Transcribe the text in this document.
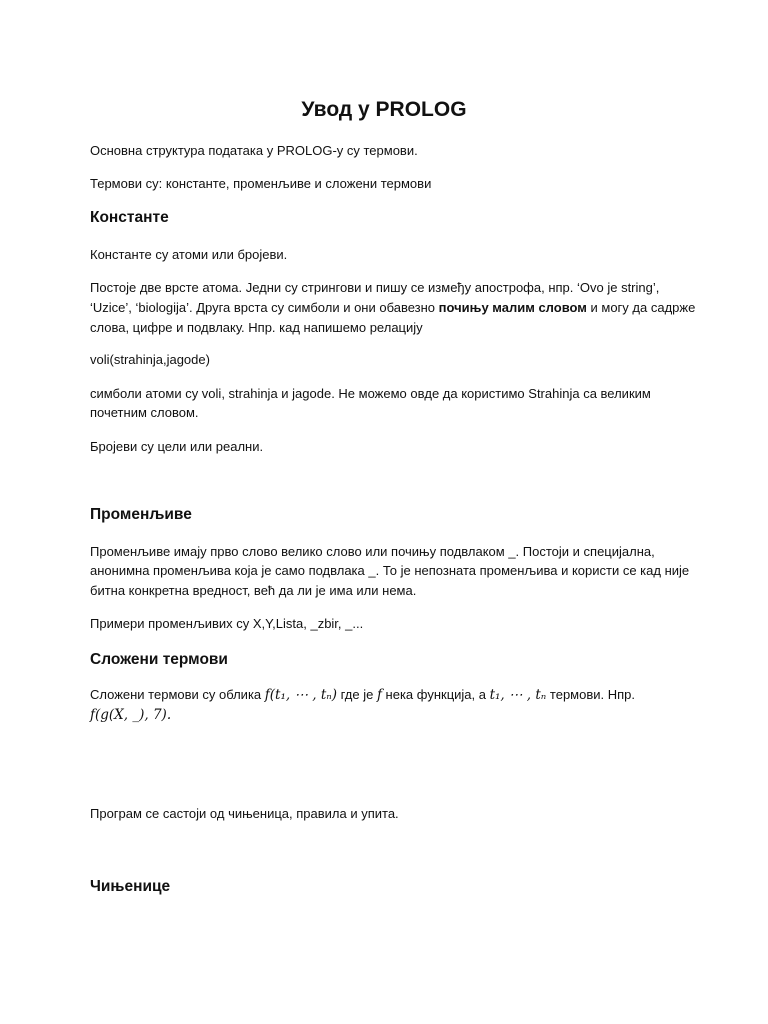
Увод у PROLOG
Основна структура података у PROLOG-у су термови.
Термови су: константе, променљиве и сложени термови
Константе
Константе су атоми или бројеви.
Постоје две врсте атома. Једни су стрингови и пишу се између апострофа, нпр. ‘Ovo je string’,
‘Uzice’, ‘biologija’. Друга врста су симболи и они обавезно почињу малим словом и могу да садрже
слова, цифре и подвлаку. Нпр. кад напишемо релацију
voli(strahinja,jagode)
симболи атоми су voli, strahinja и jagode. Не можемо овде да користимо Strahinja са великим
почетним словом.
Бројеви су цели или реални.
Променљиве
Променљиве имају прво слово велико слово или почињу подвлаком _. Постоји и специјална,
анонимна променљива која је само подвлака _. То је непозната променљива и користи се кад није
битна конкретна вредност, већ да ли је има или нема.
Примери променљивих су X,Y,Lista, _zbir, _...
Сложени термови
Сложени термови су облика f(t₁, ⋯ , tₙ) где је f нека функција, а t₁, ⋯ , tₙ термови. Нпр.
f(g(X, _), 7).
Програм се састоји од чињеница, правила и упита.
Чињенице
